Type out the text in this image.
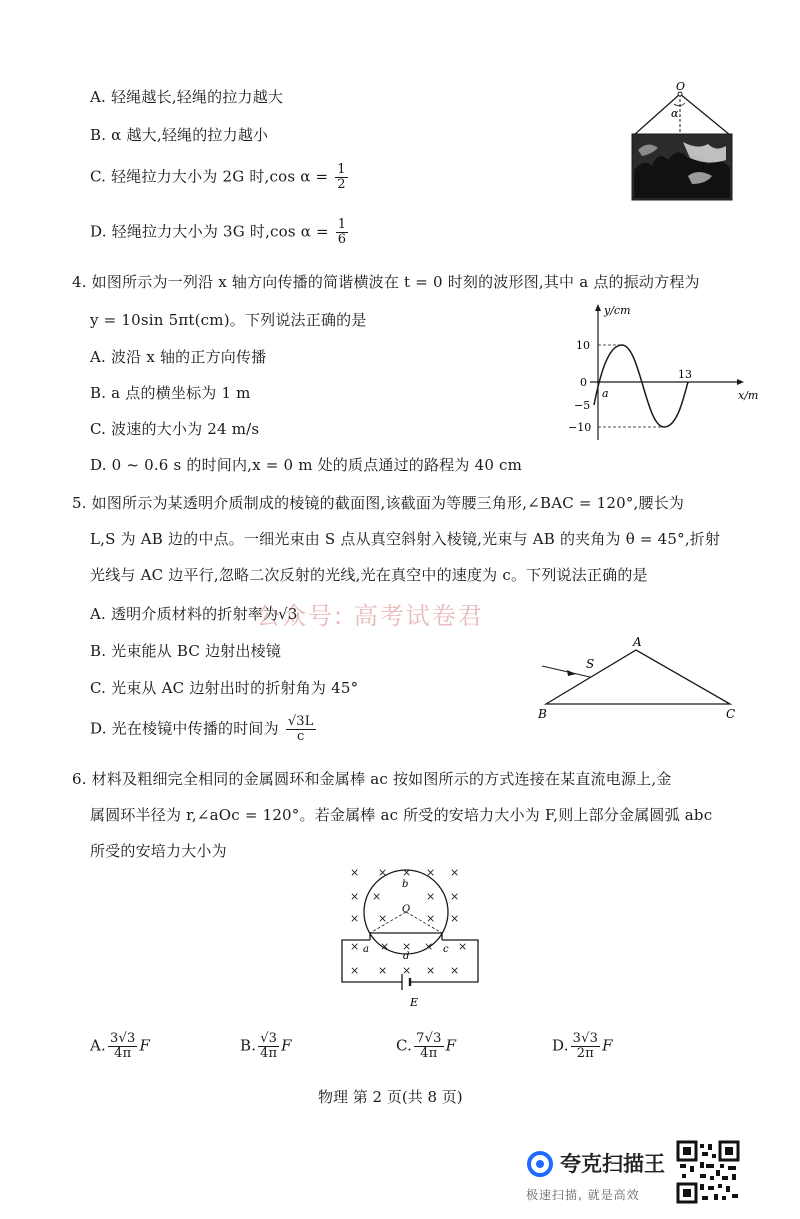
A. 轻绳越长,轻绳的拉力越大
B. α 越大,轻绳的拉力越小
C. 轻绳拉力大小为 2G 时,cos $\alpha = \frac{1}{2}$
D. 轻绳拉力大小为 3G 时,cos $\alpha = \frac{1}{6}$
O
α
4. 如图所示为一列沿 x 轴方向传播的简谐横波在 t = 0 时刻的波形图,其中 a 点的振动方程为
y = 10sin 5πt(cm)。下列说法正确的是
A. 波沿 x 轴的正方向传播
B. a 点的横坐标为 1 m
C. 波速的大小为 24 m/s
D. 0 ~ 0.6 s 的时间内,x = 0 m 处的质点通过的路程为 40 cm
y/cm
x/m
10
0
−5
−10
a
13
5. 如图所示为某透明介质制成的棱镜的截面图,该截面为等腰三角形,∠BAC = 120°,腰长为
L,S 为 AB 边的中点。一细光束由 S 点从真空斜射入棱镜,光束与 AB 的夹角为 θ = 45°,折射
光线与 AC 边平行,忽略二次反射的光线,光在真空中的速度为 c。下列说法正确的是
公众号: 高考试卷君
A. 透明介质材料的折射率为√3
B. 光束能从 BC 边射出棱镜
C. 光束从 AC 边射出时的折射角为 45°
D. 光在棱镜中传播的时间为 $\frac{√3L}{c}$
A
B	C
S
6. 材料及粗细完全相同的金属圆环和金属棒 ac 按如图所示的方式连接在某直流电源上,金
属圆环半径为 r,∠aOc = 120°。若金属棒 ac 所受的安培力大小为 F,则上部分金属圆弧 abc
所受的安培力大小为
× × × × ×
× ×	× ×
× ×	× ×
× × × × ×
× × × × ×
b
O
a	c
d
E
A. $\frac{3√3}{4\pi}$ F	B. $\frac{√3}{4\pi}$ F	C. $\frac{7√3}{4\pi}$ F	D. $\frac{3√3}{2\pi}$ F
物理 第 2 页(共 8 页)
夸克扫描王
极速扫描, 就是高效
